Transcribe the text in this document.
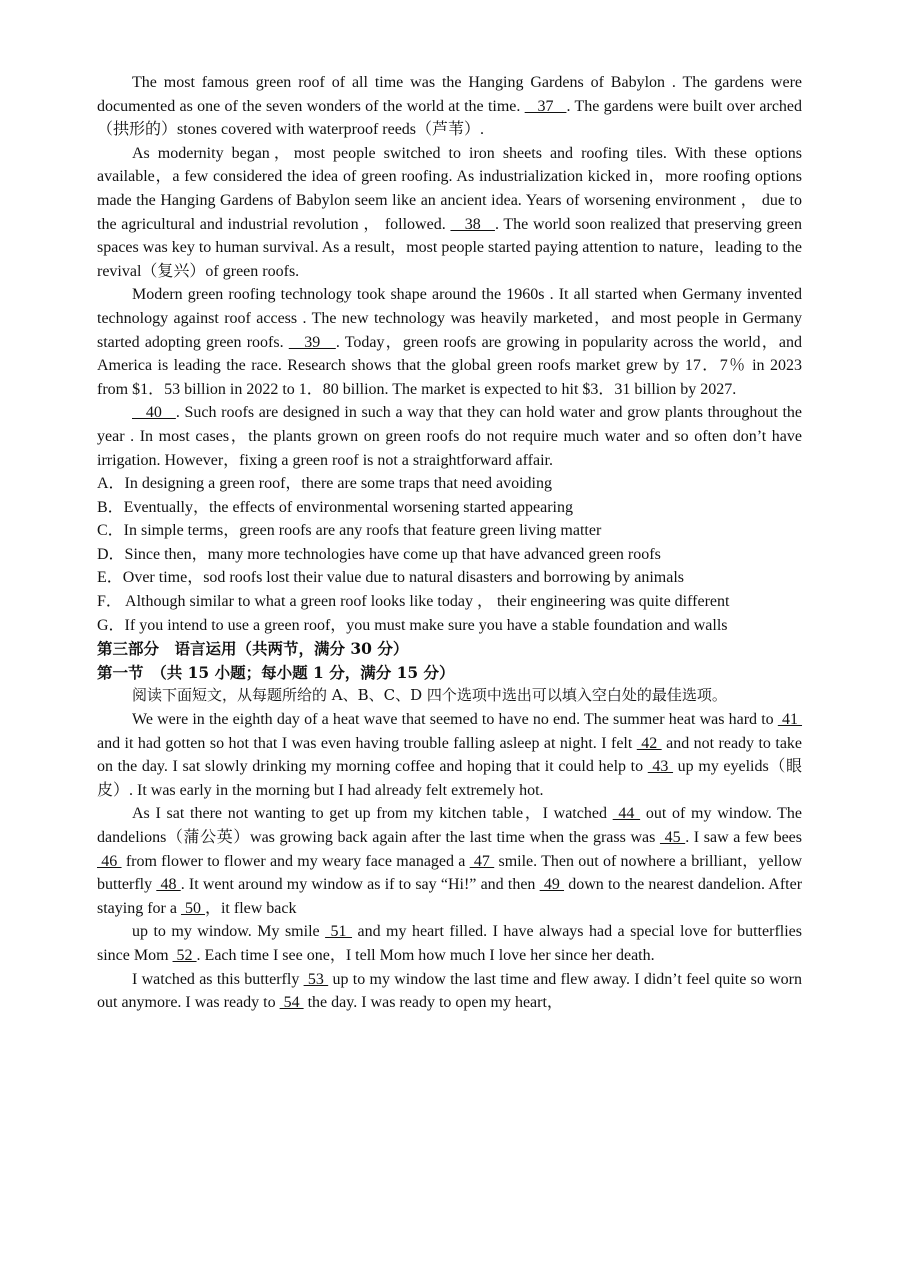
The most famous green roof of all time was the Hanging Gardens of Babylon . The gardens were documented as one of the seven wonders of the world at the time.    37   . The gardens were built over arched（拱形的）stones covered with waterproof reeds（芦苇）.

As modernity began，most people switched to iron sheets and roofing tiles. With these options available，a few considered the idea of green roofing. As industrialization kicked in，more roofing options made the Hanging Gardens of Babylon seem like an ancient idea. Years of worsening environment ， due to the agricultural and industrial revolution ， followed.    38   . The world soon realized that preserving green spaces was key to human survival. As a result，most people started paying attention to nature，leading to the revival（复兴）of green roofs.

Modern green roofing technology took shape around the 1960s . It all started when Germany invented technology against roof access . The new technology was heavily marketed，and most people in Germany started adopting green roofs.    39   . Today，green roofs are growing in popularity across the world，and America is leading the race. Research shows that the global green roofs market grew by 17．7％ in 2023 from $1．53 billion in 2022 to 1．80 billion. The market is expected to hit $3．31 billion by 2027.

40   . Such roofs are designed in such a way that they can hold water and grow plants throughout the year . In most cases，the plants grown on green roofs do not require much water and so often don’t have irrigation. However，fixing a green roof is not a straightforward affair.

A．In designing a green roof，there are some traps that need avoiding

B．Eventually，the effects of environmental worsening started appearing

C．In simple terms，green roofs are any roofs that feature green living matter

D．Since then，many more technologies have come up that have advanced green roofs

E．Over time，sod roofs lost their value due to natural disasters and borrowing by animals

F． Although similar to what a green roof looks like today ， their engineering was quite different

G．If you intend to use a green roof，you must make sure you have a stable foundation and walls

第三部分　语言运用（共两节，满分 30 分）

第一节　（共 15 小题；每小题 1 分，满分 15 分）

阅读下面短文，从每题所给的 A、B、C、D 四个选项中选出可以填入空白处的最佳选项。

We were in the eighth day of a heat wave that seemed to have no end. The summer heat was hard to  41  and it had gotten so hot that I was even having trouble falling asleep at night. I felt  42  and not ready to take on the day. I sat slowly drinking my morning coffee and hoping that it could help to  43  up my eyelids（眼皮）. It was early in the morning but I had already felt extremely hot.

As I sat there not wanting to get up from my kitchen table，I watched  44  out of my window. The dandelions（蒲公英）was growing back again after the last time when the grass was  45 . I saw a few bees  46  from flower to flower and my weary face managed a  47  smile. Then out of nowhere a brilliant，yellow butterfly  48 . It went around my window as if to say “Hi!” and then  49  down to the nearest dandelion. After staying for a  50 ，it flew back

up to my window. My smile  51  and my heart filled. I have always had a special love for butterflies since Mom  52 . Each time I see one，I tell Mom how much I love her since her death.

I watched as this butterfly  53  up to my window the last time and flew away. I didn’t feel quite so worn out anymore. I was ready to  54  the day. I was ready to open my heart，
